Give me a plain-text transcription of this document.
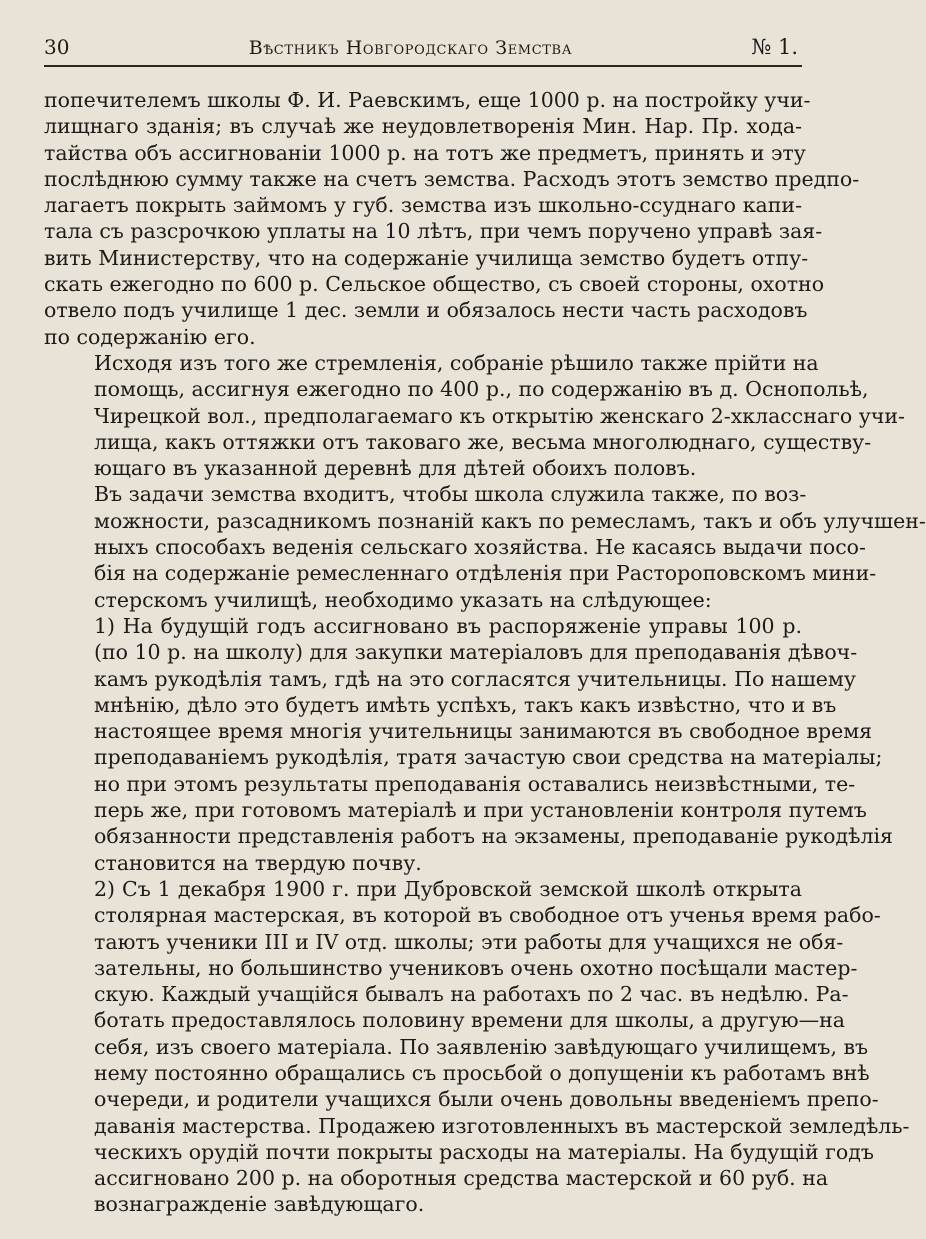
30	Вѣстникъ Новгородскаго Земства	№ 1.

попечителемъ школы Ф. И. Раевскимъ, еще 1000 р. на постройку учи-
лищнаго зданія; въ случаѣ же неудовлетворенія Мин. Нар. Пр. хода-
тайства объ ассигнованіи 1000 р. на тотъ же предметъ, принять и эту
послѣднюю сумму также на счетъ земства. Расходъ этотъ земство предпо-
лагаетъ покрыть займомъ у губ. земства изъ школьно-ссуднаго капи-
тала съ разсрочкою уплаты на 10 лѣтъ, при чемъ поручено управѣ зая-
вить Министерству, что на содержаніе училища земство будетъ отпу-
скать ежегодно по 600 р. Сельское общество, съ своей стороны, охотно
отвело подъ училище 1 дес. земли и обязалось нести часть расходовъ
по содержанію его.

Исходя изъ того же стремленія, собраніе рѣшило также прійти на
помощь, ассигнуя ежегодно по 400 р., по содержанію въ д. Оснопольѣ,
Чирецкой вол., предполагаемаго къ открытію женскаго 2-хкласснаго учи-
лища, какъ оттяжки отъ таковаго же, весьма многолюднаго, существу-
ющаго въ указанной деревнѣ для дѣтей обоихъ половъ.

Въ задачи земства входитъ, чтобы школа служила также, по воз-
можности, разсадникомъ познаній какъ по ремесламъ, такъ и объ улучшен-
ныхъ способахъ веденія сельскаго хозяйства. Не касаясь выдачи посо-
бія на содержаніе ремесленнаго отдѣленія при Растороповскомъ мини-
стерскомъ училищѣ, необходимо указать на слѣдующее:

1) На будущій годъ ассигновано въ распоряженіе управы 100 р.
(по 10 р. на школу) для закупки матеріаловъ для преподаванія дѣвоч-
камъ рукодѣлія тамъ, гдѣ на это согласятся учительницы. По нашему
мнѣнію, дѣло это будетъ имѣть успѣхъ, такъ какъ извѣстно, что и въ
настоящее время многія учительницы занимаются въ свободное время
преподаваніемъ рукодѣлія, тратя зачастую свои средства на матеріалы;
но при этомъ результаты преподаванія оставались неизвѣстными, те-
перь же, при готовомъ матеріалѣ и при установленіи контроля путемъ
обязанности представленія работъ на экзамены, преподаваніе рукодѣлія
становится на твердую почву.

2) Съ 1 декабря 1900 г. при Дубровской земской школѣ открыта
столярная мастерская, въ которой въ свободное отъ ученья время рабо-
таютъ ученики III и IV отд. школы; эти работы для учащихся не обя-
зательны, но большинство учениковъ очень охотно посѣщали мастер-
скую. Каждый учащійся бывалъ на работахъ по 2 час. въ недѣлю. Ра-
ботать предоставлялось половину времени для школы, а другую—на
себя, изъ своего матеріала. По заявленію завѣдующаго училищемъ, въ
нему постоянно обращались съ просьбой о допущеніи къ работамъ внѣ
очереди, и родители учащихся были очень довольны введеніемъ препо-
даванія мастерства. Продажею изготовленныхъ въ мастерской земледѣль-
ческихъ орудій почти покрыты расходы на матеріалы. На будущій годъ
ассигновано 200 р. на оборотныя средства мастерской и 60 руб. на
вознагражденіе завѣдующаго.
